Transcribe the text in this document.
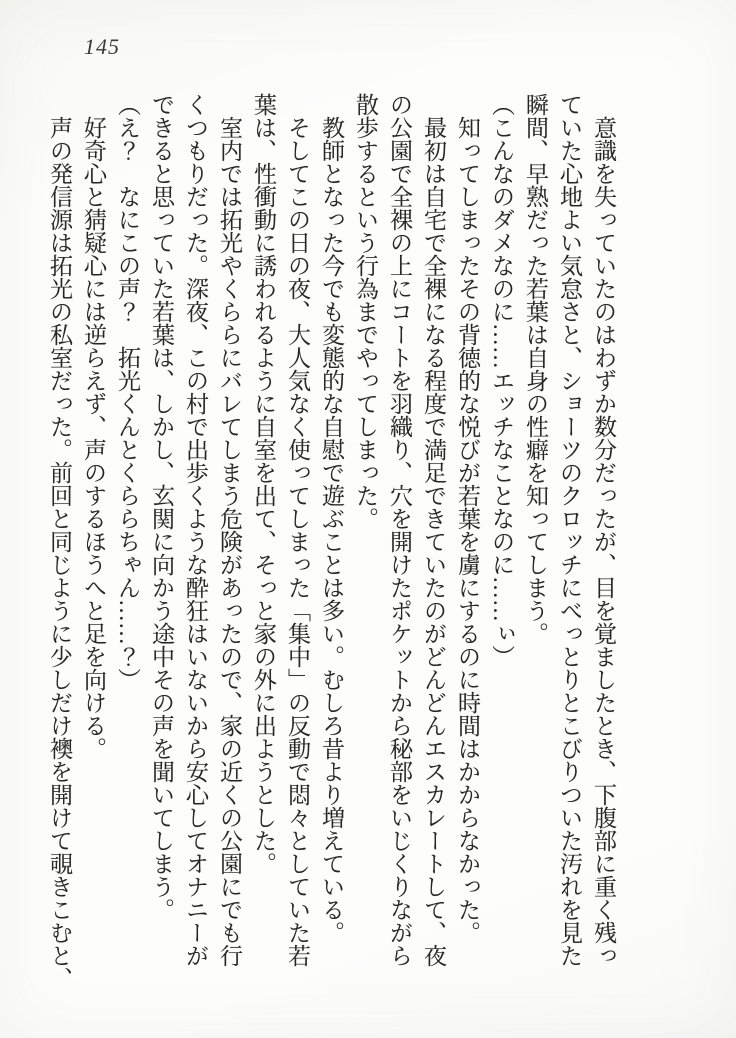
145
　意識を失っていたのはわずか数分だったが、目を覚ましたとき、下腹部に重く残っ
ていた心地よい気怠さと、ショーツのクロッチにべっとりとこびりついた汚れを見た
瞬間、早熟だった若葉は自身の性癖を知ってしまう。
（こんなのダメなのに……エッチなことなのに……ぃ）
　知ってしまったその背徳的な悦びが若葉を虜にするのに時間はかからなかった。
　最初は自宅で全裸になる程度で満足できていたのがどんどんエスカレートして、夜
の公園で全裸の上にコートを羽織り、穴を開けたポケットから秘部をいじくりながら
散歩するという行為までやってしまった。
　教師となった今でも変態的な自慰で遊ぶことは多い。むしろ昔より増えている。
　そしてこの日の夜、大人気なく使ってしまった「集中」の反動で悶々としていた若
葉は、性衝動に誘われるように自室を出て、そっと家の外に出ようとした。
　室内では拓光やくららにバレてしまう危険があったので、家の近くの公園にでも行
くつもりだった。深夜、この村で出歩くような酔狂はいないから安心してオナニーが
できると思っていた若葉は、しかし、玄関に向かう途中その声を聞いてしまう。
（え？　なにこの声？　拓光くんとくららちゃん……？）
　好奇心と猜疑心には逆らえず、声のするほうへと足を向ける。
　声の発信源は拓光の私室だった。前回と同じように少しだけ襖を開けて覗きこむと、
